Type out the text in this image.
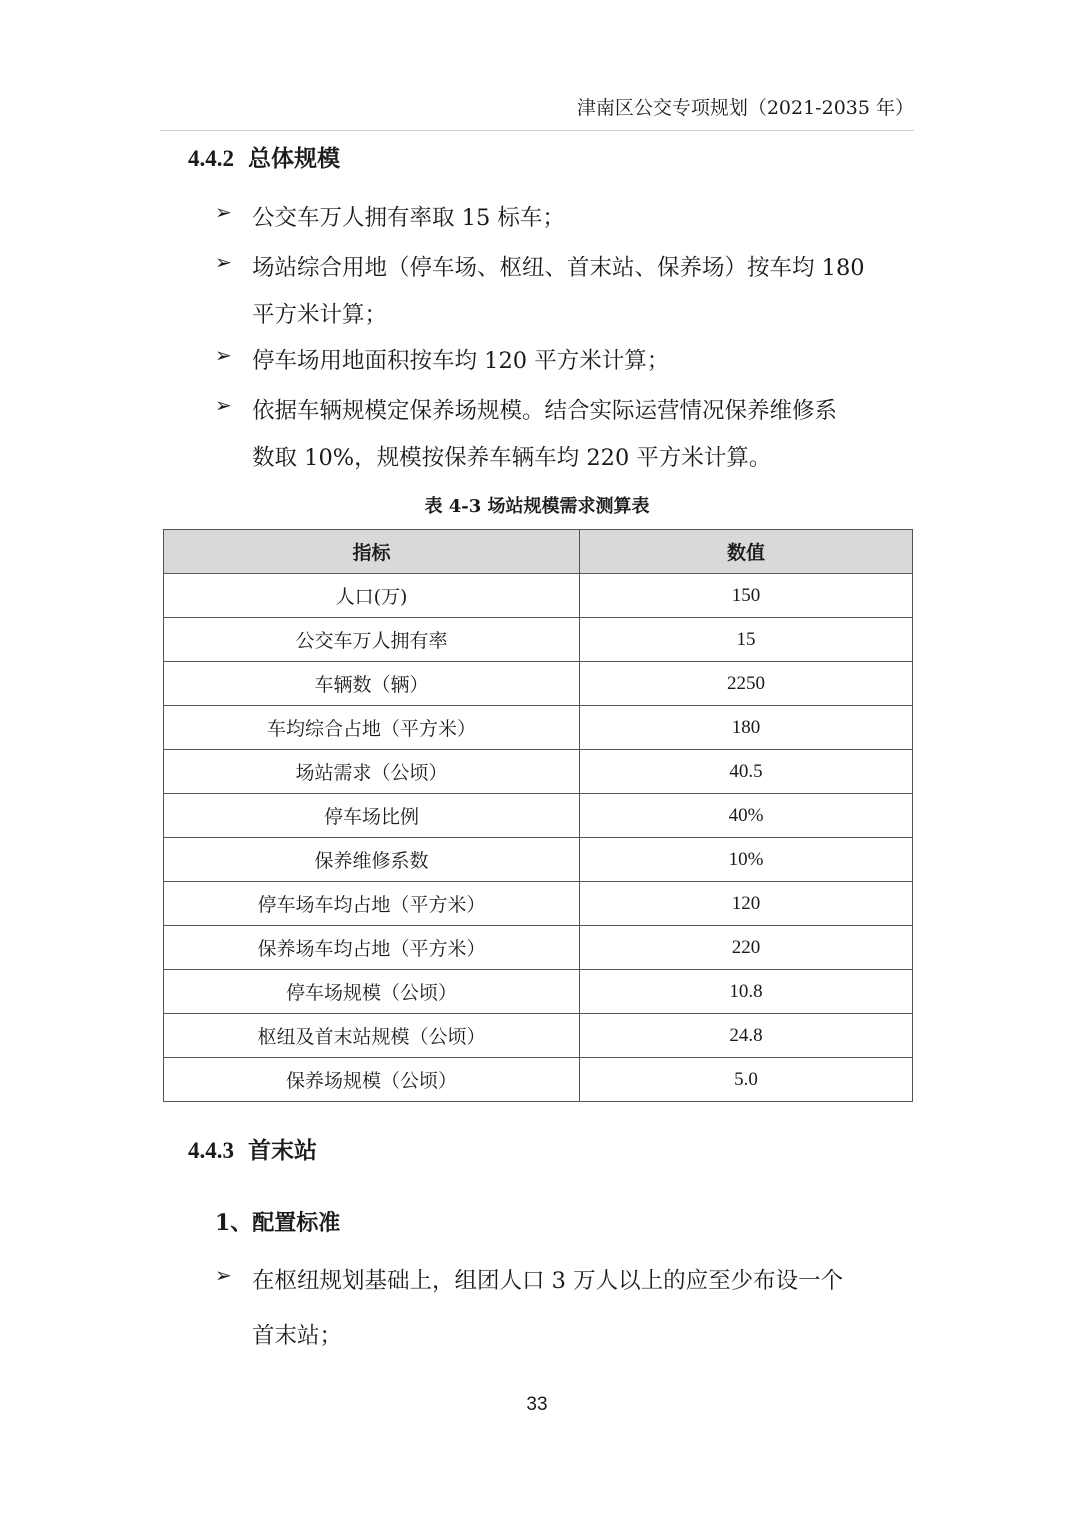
津南区公交专项规划（2021-2035 年）
4.4.2 总体规模
➢ 公交车万人拥有率取 15 标车；
➢ 场站综合用地（停车场、枢纽、首末站、保养场）按车均 180
平方米计算；
➢ 停车场用地面积按车均 120 平方米计算；
➢ 依据车辆规模定保养场规模。结合实际运营情况保养维修系
数取 10%，规模按保养车辆车均 220 平方米计算。
表 4-3 场站规模需求测算表
指标	数值
人口(万)	150
公交车万人拥有率	15
车辆数（辆）	2250
车均综合占地（平方米）	180
场站需求（公顷）	40.5
停车场比例	40%
保养维修系数	10%
停车场车均占地（平方米）	120
保养场车均占地（平方米）	220
停车场规模（公顷）	10.8
枢纽及首末站规模（公顷）	24.8
保养场规模（公顷）	5.0
4.4.3 首末站
1、配置标准
➢ 在枢纽规划基础上，组团人口 3 万人以上的应至少布设一个
首末站；
33
